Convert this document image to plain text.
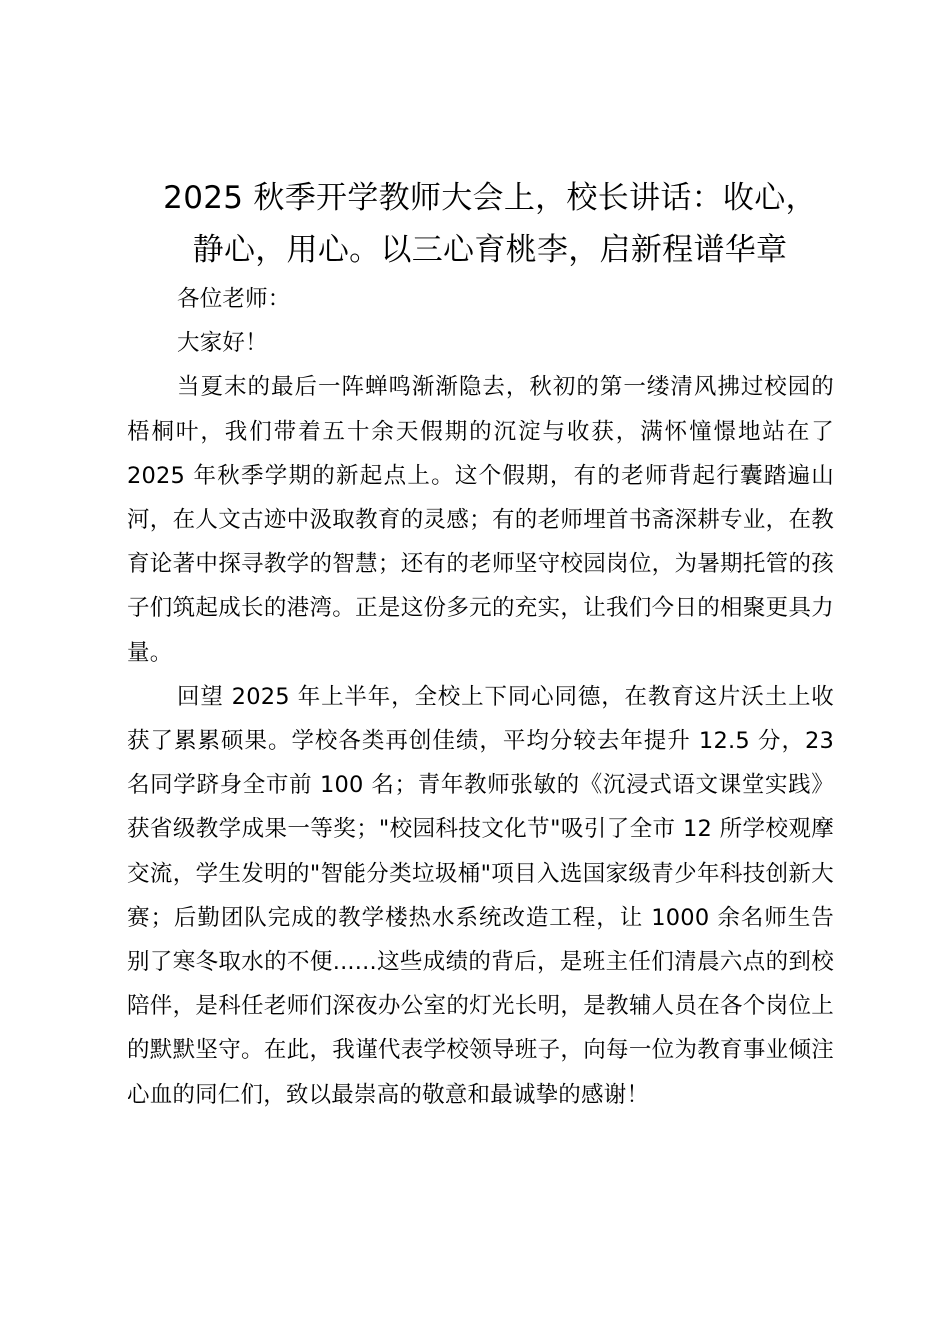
2025 秋季开学教师大会上，校长讲话：收心，
静心，用心。以三心育桃李，启新程谱华章

各位老师：

大家好！

当夏末的最后一阵蝉鸣渐渐隐去，秋初的第一缕清风拂过校园的梧桐叶，我们带着五十余天假期的沉淀与收获，满怀憧憬地站在了 2025 年秋季学期的新起点上。这个假期，有的老师背起行囊踏遍山河，在人文古迹中汲取教育的灵感；有的老师埋首书斋深耕专业，在教育论著中探寻教学的智慧；还有的老师坚守校园岗位，为暑期托管的孩子们筑起成长的港湾。正是这份多元的充实，让我们今日的相聚更具力量。

回望 2025 年上半年，全校上下同心同德，在教育这片沃土上收获了累累硕果。学校各类再创佳绩，平均分较去年提升 12.5 分，23 名同学跻身全市前 100 名；青年教师张敏的《沉浸式语文课堂实践》获省级教学成果一等奖；"校园科技文化节"吸引了全市 12 所学校观摩交流，学生发明的"智能分类垃圾桶"项目入选国家级青少年科技创新大赛；后勤团队完成的教学楼热水系统改造工程，让 1000 余名师生告别了寒冬取水的不便......这些成绩的背后，是班主任们清晨六点的到校陪伴，是科任老师们深夜办公室的灯光长明，是教辅人员在各个岗位上的默默坚守。在此，我谨代表学校领导班子，向每一位为教育事业倾注心血的同仁们，致以最崇高的敬意和最诚挚的感谢！
